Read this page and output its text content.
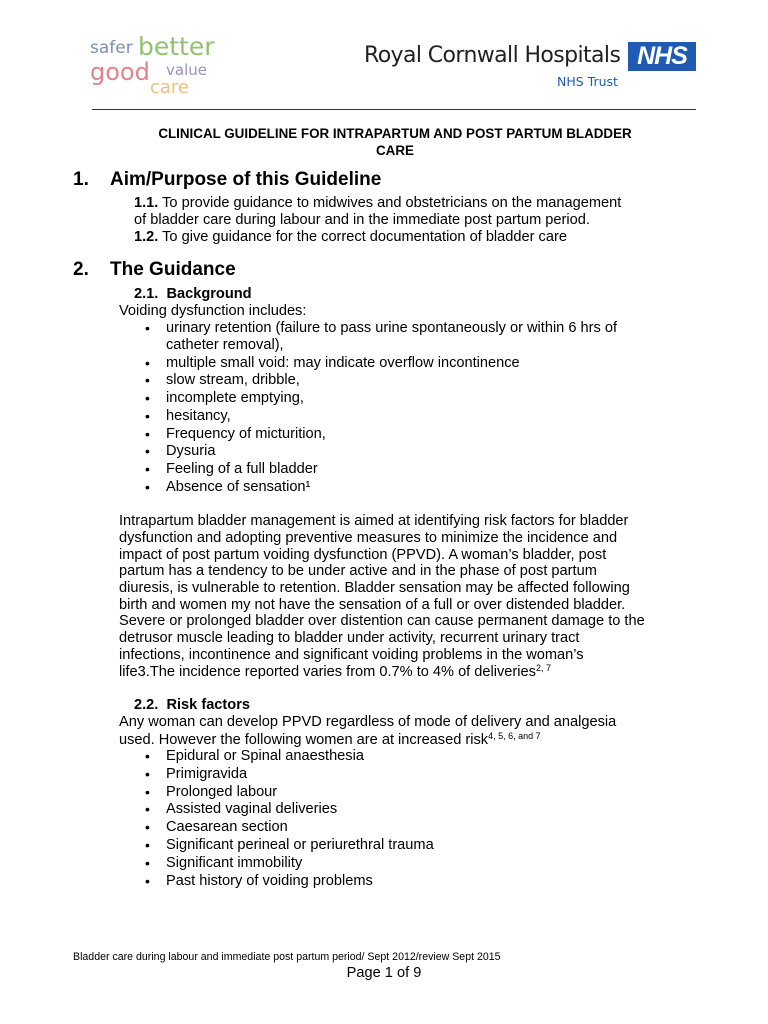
safer better
good value
care
Royal Cornwall Hospitals NHS
NHS Trust
CLINICAL GUIDELINE FOR INTRAPARTUM AND POST PARTUM BLADDER
CARE
1. Aim/Purpose of this Guideline
1.1. To provide guidance to midwives and obstetricians on the management
of bladder care during labour and in the immediate post partum period.
1.2. To give guidance for the correct documentation of bladder care
2. The Guidance
2.1. Background
Voiding dysfunction includes:
• urinary retention (failure to pass urine spontaneously or within 6 hrs of
catheter removal),
• multiple small void: may indicate overflow incontinence
• slow stream, dribble,
• incomplete emptying,
• hesitancy,
• Frequency of micturition,
• Dysuria
• Feeling of a full bladder
• Absence of sensation¹
Intrapartum bladder management is aimed at identifying risk factors for bladder
dysfunction and adopting preventive measures to minimize the incidence and
impact of post partum voiding dysfunction (PPVD). A woman’s bladder, post
partum has a tendency to be under active and in the phase of post partum
diuresis, is vulnerable to retention. Bladder sensation may be affected following
birth and women my not have the sensation of a full or over distended bladder.
Severe or prolonged bladder over distention can cause permanent damage to the
detrusor muscle leading to bladder under activity, recurrent urinary tract
infections, incontinence and significant voiding problems in the woman’s
life3.The incidence reported varies from 0.7% to 4% of deliveries$^{2, 7}$
2.2. Risk factors
Any woman can develop PPVD regardless of mode of delivery and analgesia
used. However the following women are at increased risk$^{4, 5, 6, and 7}$
• Epidural or Spinal anaesthesia
• Primigravida
• Prolonged labour
• Assisted vaginal deliveries
• Caesarean section
• Significant perineal or periurethral trauma
• Significant immobility
• Past history of voiding problems
Bladder care during labour and immediate post partum period/ Sept 2012/review Sept 2015
Page 1 of 9
